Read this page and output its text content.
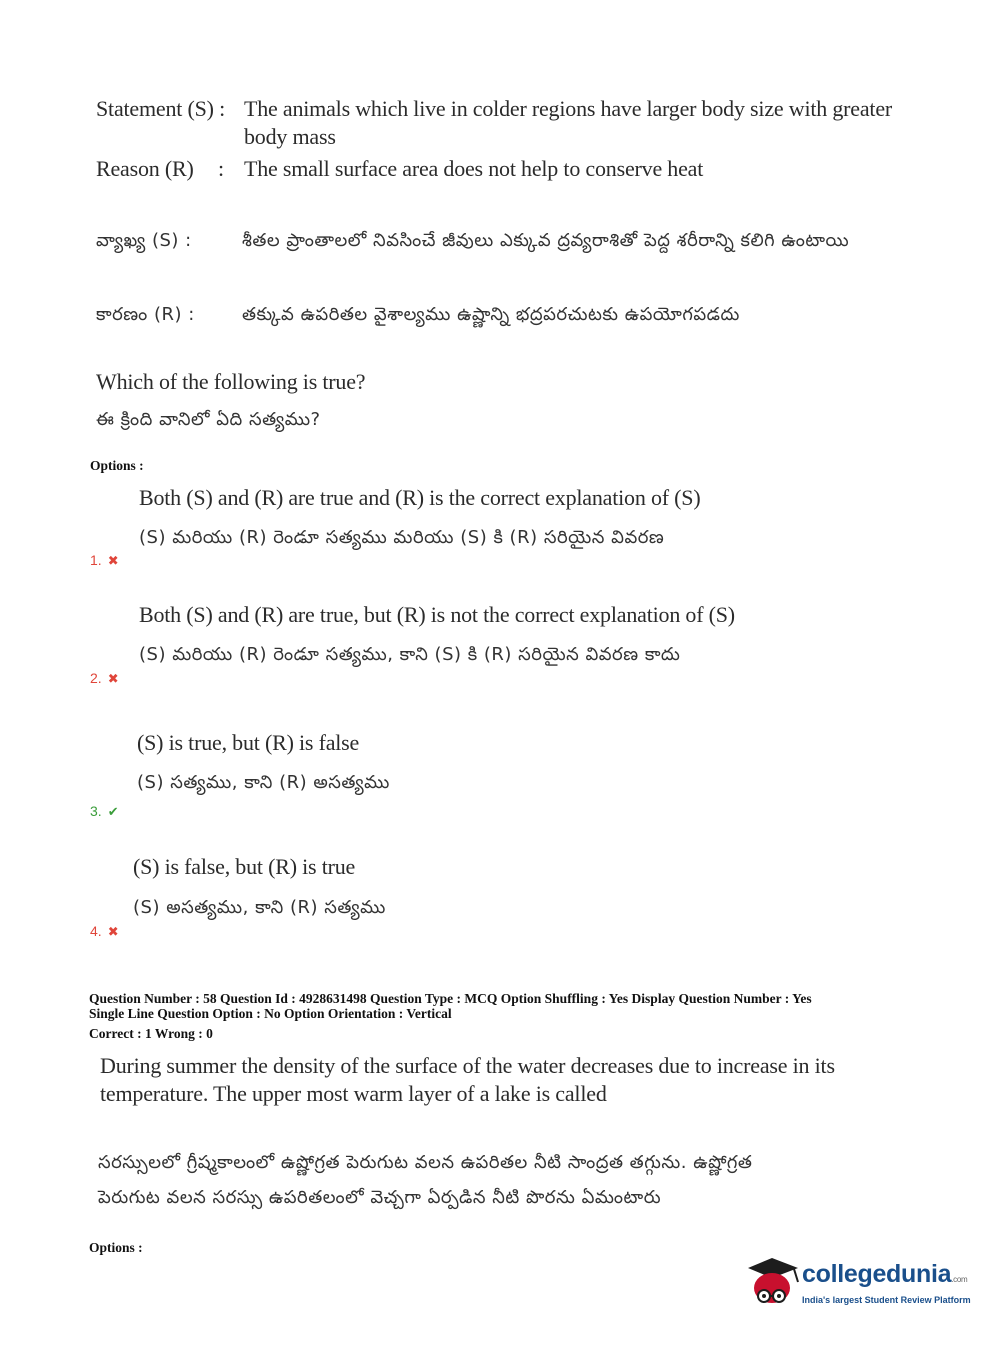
Statement (S) : The animals which live in colder regions have larger body size with greater body mass
Reason (R) : The small surface area does not help to conserve heat
వ్యాఖ్య (S) :	శీతల ప్రాంతాలలో నివసించే జీవులు ఎక్కువ ద్రవ్యరాశితో పెద్ద శరీరాన్ని కలిగి ఉంటాయి
కారణం (R) :	తక్కువ ఉపరితల వైశాల్యము ఉష్ణాన్ని భద్రపరచుటకు ఉపయోగపడదు
Which of the following is true?
ఈ క్రింది వానిలో ఏది సత్యము?
Options :
Both (S) and (R) are true and (R) is the correct explanation of (S)
(S) మరియు (R) రెండూ సత్యము మరియు (S) కి (R) సరియైన వివరణ
1. ✖
Both (S) and (R) are true, but (R) is not the correct explanation of (S)
(S) మరియు (R) రెండూ సత్యము, కాని (S) కి (R) సరియైన వివరణ కాదు
2. ✖
(S) is true, but (R) is false
(S) సత్యము, కాని (R) అసత్యము
3. ✔
(S) is false, but (R) is true
(S) అసత్యము, కాని (R) సత్యము
4. ✖
Question Number : 58 Question Id : 4928631498 Question Type : MCQ Option Shuffling : Yes Display Question Number : Yes
Single Line Question Option : No Option Orientation : Vertical
Correct : 1 Wrong : 0
During summer the density of the surface of the water decreases due to increase in its
temperature. The upper most warm layer of a lake is called
సరస్సులలో గ్రీష్మకాలంలో ఉష్ణోగ్రత పెరుగుట వలన ఉపరితల నీటి సాంద్రత తగ్గును. ఉష్ణోగ్రత
పెరుగుట వలన సరస్సు ఉపరితలంలో వెచ్చగా ఏర్పడిన నీటి పొరను ఏమంటారు
Options :
collegedunia.com
India's largest Student Review Platform
